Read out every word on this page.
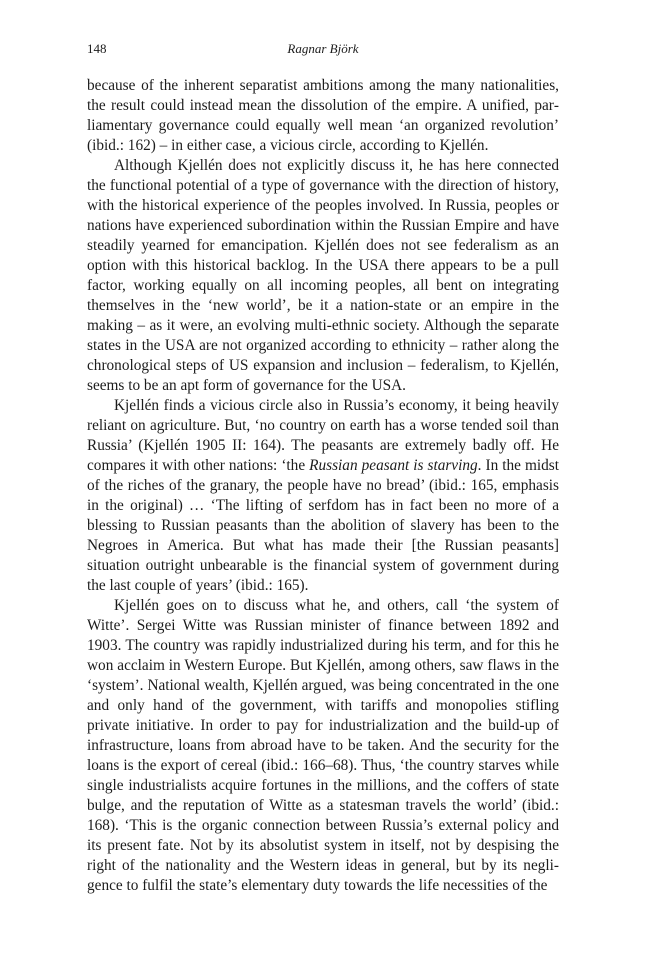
148	Ragnar Björk

because of the inherent separatist ambitions among the many nationalities, the result could instead mean the dissolution of the empire. A unified, parliamentary governance could equally well mean ‘an organized revolution’ (ibid.: 162) – in either case, a vicious circle, according to Kjellén.

Although Kjellén does not explicitly discuss it, he has here connected the functional potential of a type of governance with the direction of history, with the historical experience of the peoples involved. In Russia, peoples or nations have experienced subordination within the Russian Empire and have steadily yearned for emancipation. Kjellén does not see federalism as an option with this historical backlog. In the USA there appears to be a pull factor, working equally on all incoming peoples, all bent on integrating themselves in the ‘new world’, be it a nation-state or an empire in the making – as it were, an evolving multi-ethnic society. Although the separate states in the USA are not organized according to ethnicity – rather along the chronological steps of US expansion and inclusion – federalism, to Kjellén, seems to be an apt form of governance for the USA.

Kjellén finds a vicious circle also in Russia’s economy, it being heavily reliant on agriculture. But, ‘no country on earth has a worse tended soil than Russia’ (Kjellén 1905 II: 164). The peasants are extremely badly off. He compares it with other nations: ‘the Russian peasant is starving. In the midst of the riches of the granary, the people have no bread’ (ibid.: 165, emphasis in the original) … ‘The lifting of serfdom has in fact been no more of a blessing to Russian peasants than the abolition of slavery has been to the Negroes in America. But what has made their [the Russian peasants] situation outright unbearable is the financial system of government during the last couple of years’ (ibid.: 165).

Kjellén goes on to discuss what he, and others, call ‘the system of Witte’. Sergei Witte was Russian minister of finance between 1892 and 1903. The country was rapidly industrialized during his term, and for this he won acclaim in Western Europe. But Kjellén, among others, saw flaws in the ‘system’. National wealth, Kjellén argued, was being concentrated in the one and only hand of the government, with tariffs and monopolies stifling private initiative. In order to pay for industrialization and the build-up of infrastructure, loans from abroad have to be taken. And the security for the loans is the export of cereal (ibid.: 166–68). Thus, ‘the country starves while single industrialists acquire fortunes in the millions, and the coffers of state bulge, and the reputation of Witte as a statesman travels the world’ (ibid.: 168). ‘This is the organic connection between Russia’s external policy and its present fate. Not by its absolutist system in itself, not by despising the right of the nationality and the Western ideas in general, but by its negligence to fulfil the state’s elementary duty towards the life necessities of the
